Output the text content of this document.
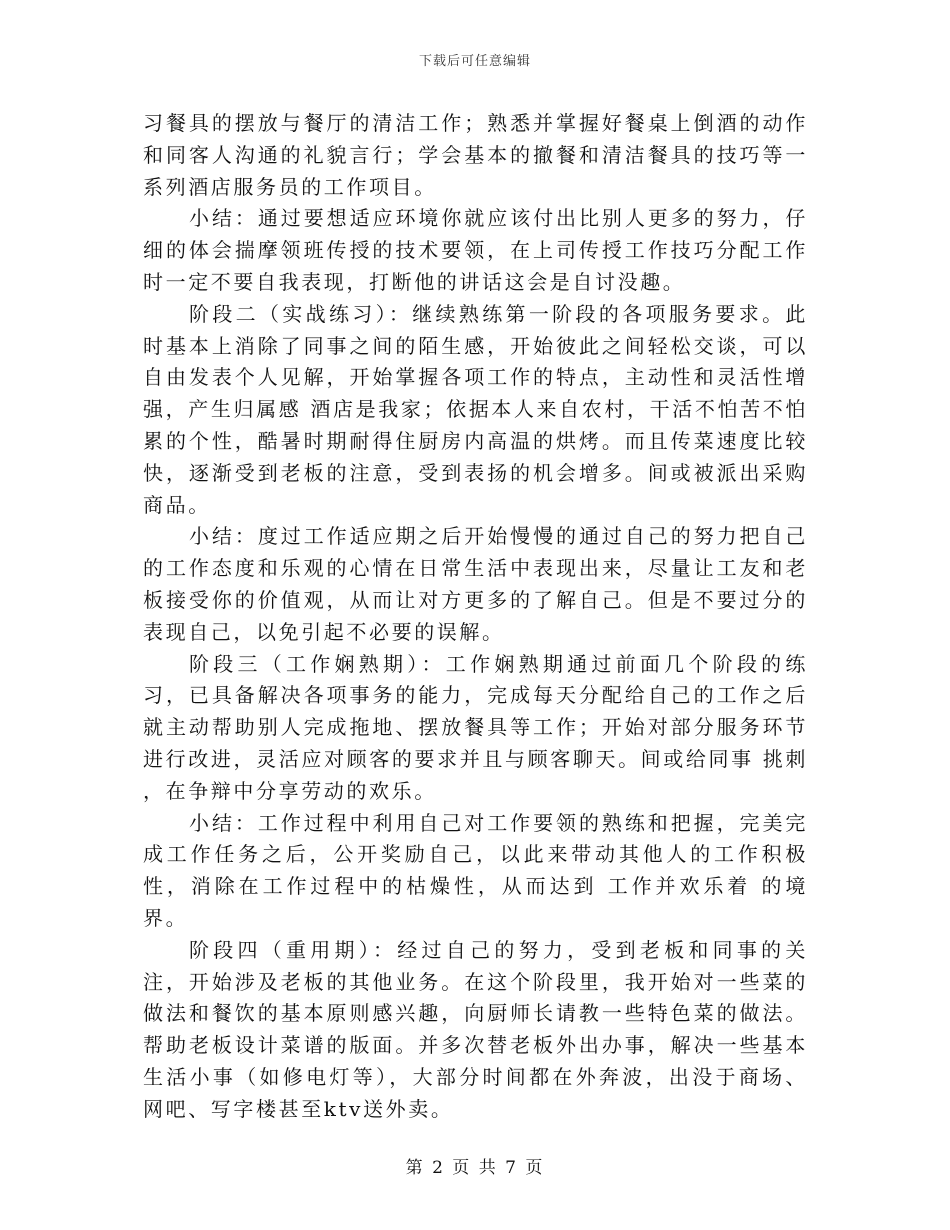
下载后可任意编辑

习餐具的摆放与餐厅的清洁工作；熟悉并掌握好餐桌上倒酒的动作和同客人沟通的礼貌言行；学会基本的撤餐和清洁餐具的技巧等一系列酒店服务员的工作项目。

小结：通过要想适应环境你就应该付出比别人更多的努力，仔细的体会揣摩领班传授的技术要领，在上司传授工作技巧分配工作时一定不要自我表现，打断他的讲话这会是自讨没趣。

阶段二（实战练习）：继续熟练第一阶段的各项服务要求。此时基本上消除了同事之间的陌生感，开始彼此之间轻松交谈，可以自由发表个人见解，开始掌握各项工作的特点，主动性和灵活性增强，产生归属感 酒店是我家；依据本人来自农村，干活不怕苦不怕累的个性，酷暑时期耐得住厨房内高温的烘烤。而且传菜速度比较快，逐渐受到老板的注意，受到表扬的机会增多。间或被派出采购商品。

小结：度过工作适应期之后开始慢慢的通过自己的努力把自己的工作态度和乐观的心情在日常生活中表现出来，尽量让工友和老板接受你的价值观，从而让对方更多的了解自己。但是不要过分的表现自己，以免引起不必要的误解。

阶段三（工作娴熟期）：工作娴熟期通过前面几个阶段的练习，已具备解决各项事务的能力，完成每天分配给自己的工作之后就主动帮助别人完成拖地、摆放餐具等工作；开始对部分服务环节进行改进，灵活应对顾客的要求并且与顾客聊天。间或给同事 挑刺 ，在争辩中分享劳动的欢乐。

小结：工作过程中利用自己对工作要领的熟练和把握，完美完成工作任务之后，公开奖励自己，以此来带动其他人的工作积极性，消除在工作过程中的枯燥性，从而达到 工作并欢乐着 的境界。

阶段四（重用期）：经过自己的努力，受到老板和同事的关注，开始涉及老板的其他业务。在这个阶段里，我开始对一些菜的做法和餐饮的基本原则感兴趣，向厨师长请教一些特色菜的做法。帮助老板设计菜谱的版面。并多次替老板外出办事，解决一些基本生活小事（如修电灯等），大部分时间都在外奔波，出没于商场、网吧、写字楼甚至ktv送外卖。

第 2 页 共 7 页
